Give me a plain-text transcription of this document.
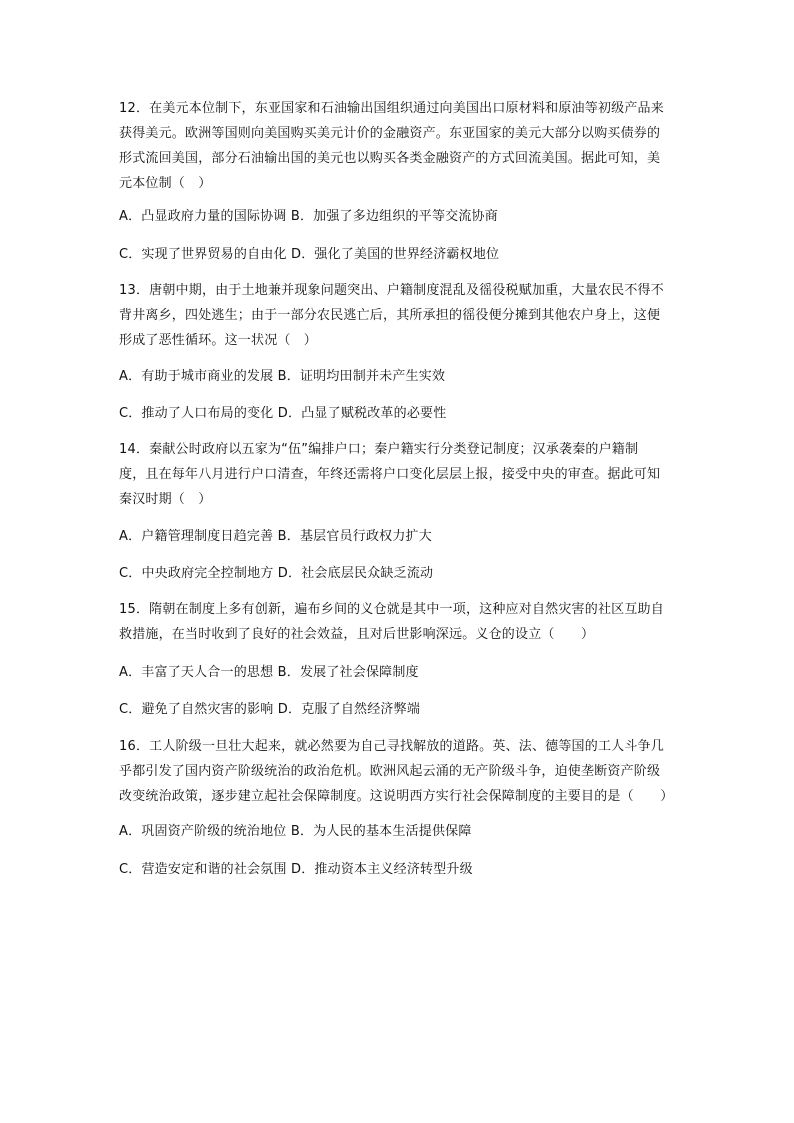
12．在美元本位制下，东亚国家和石油输出国组织通过向美国出口原材料和原油等初级产品来
获得美元。欧洲等国则向美国购买美元计价的金融资产。东亚国家的美元大部分以购买债券的
形式流回美国，部分石油输出国的美元也以购买各类金融资产的方式回流美国。据此可知，美
元本位制（　）
A．凸显政府力量的国际协调 B．加强了多边组织的平等交流协商
C．实现了世界贸易的自由化 D．强化了美国的世界经济霸权地位
13．唐朝中期，由于土地兼并现象问题突出、户籍制度混乱及徭役税赋加重，大量农民不得不
背井离乡，四处逃生；由于一部分农民逃亡后，其所承担的徭役便分摊到其他农户身上，这便
形成了恶性循环。这一状况（　）
A．有助于城市商业的发展 B．证明均田制并未产生实效
C．推动了人口布局的变化 D．凸显了赋税改革的必要性
14．秦献公时政府以五家为“伍”编排户口；秦户籍实行分类登记制度；汉承袭秦的户籍制
度，且在每年八月进行户口清查，年终还需将户口变化层层上报，接受中央的审查。据此可知
秦汉时期（　）
A．户籍管理制度日趋完善 B．基层官员行政权力扩大
C．中央政府完全控制地方 D．社会底层民众缺乏流动
15．隋朝在制度上多有创新，遍布乡间的义仓就是其中一项，这种应对自然灾害的社区互助自
救措施，在当时收到了良好的社会效益，且对后世影响深远。义仓的设立（　　）
A．丰富了天人合一的思想 B．发展了社会保障制度
C．避免了自然灾害的影响 D．克服了自然经济弊端
16．工人阶级一旦壮大起来，就必然要为自己寻找解放的道路。英、法、德等国的工人斗争几
乎都引发了国内资产阶级统治的政治危机。欧洲风起云涌的无产阶级斗争，迫使垄断资产阶级
改变统治政策，逐步建立起社会保障制度。这说明西方实行社会保障制度的主要目的是（　　）
A．巩固资产阶级的统治地位 B．为人民的基本生活提供保障
C．营造安定和谐的社会氛围 D．推动资本主义经济转型升级
